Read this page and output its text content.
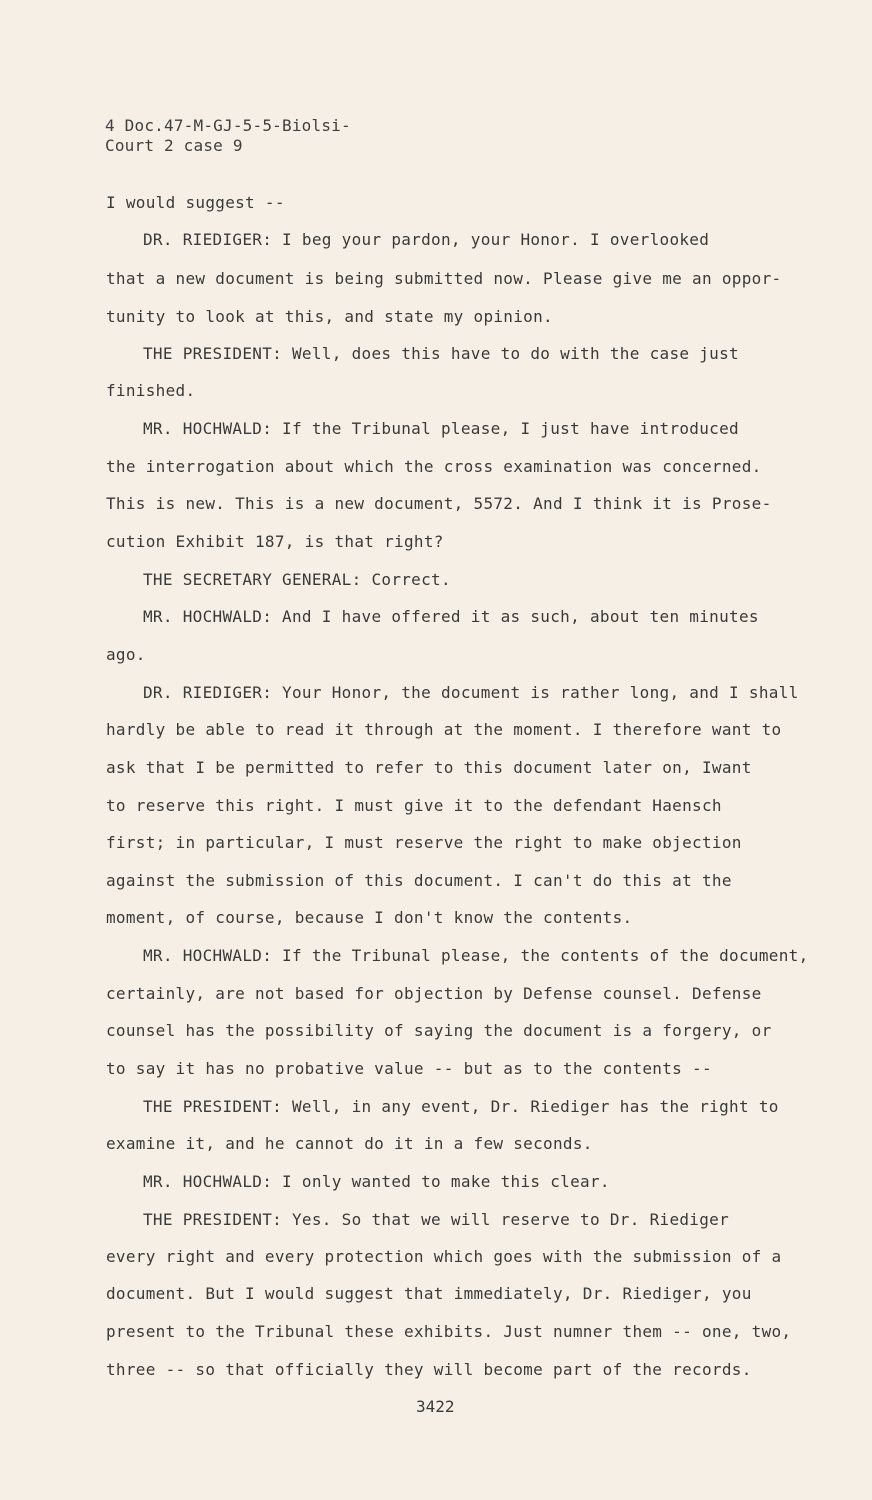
4 Doc.47-M-GJ-5-5-Biolsi-
Court 2 case 9
I would suggest --
DR. RIEDIGER: I beg your pardon, your Honor. I overlooked
that a new document is being submitted now. Please give me an oppor-
tunity to look at this, and state my opinion.
THE PRESIDENT: Well, does this have to do with the case just
finished.
MR. HOCHWALD: If the Tribunal please, I just have introduced
the interrogation about which the cross examination was concerned.
This is new. This is a new document, 5572. And I think it is Prose-
cution Exhibit 187, is that right?
THE SECRETARY GENERAL: Correct.
MR. HOCHWALD: And I have offered it as such, about ten minutes
ago.
DR. RIEDIGER: Your Honor, the document is rather long, and I shall
hardly be able to read it through at the moment. I therefore want to
ask that I be permitted to refer to this document later on, Iwant
to reserve this right. I must give it to the defendant Haensch
first; in particular, I must reserve the right to make objection
against the submission of this document. I can't do this at the
moment, of course, because I don't know the contents.
MR. HOCHWALD: If the Tribunal please, the contents of the document,
certainly, are not based for objection by Defense counsel. Defense
counsel has the possibility of saying the document is a forgery, or
to say it has no probative value -- but as to the contents --
THE PRESIDENT: Well, in any event, Dr. Riediger has the right to
examine it, and he cannot do it in a few seconds.
MR. HOCHWALD: I only wanted to make this clear.
THE PRESIDENT: Yes. So that we will reserve to Dr. Riediger
every right and every protection which goes with the submission of a
document. But I would suggest that immediately, Dr. Riediger, you
present to the Tribunal these exhibits. Just numner them -- one, two,
three -- so that officially they will become part of the records.
3422
